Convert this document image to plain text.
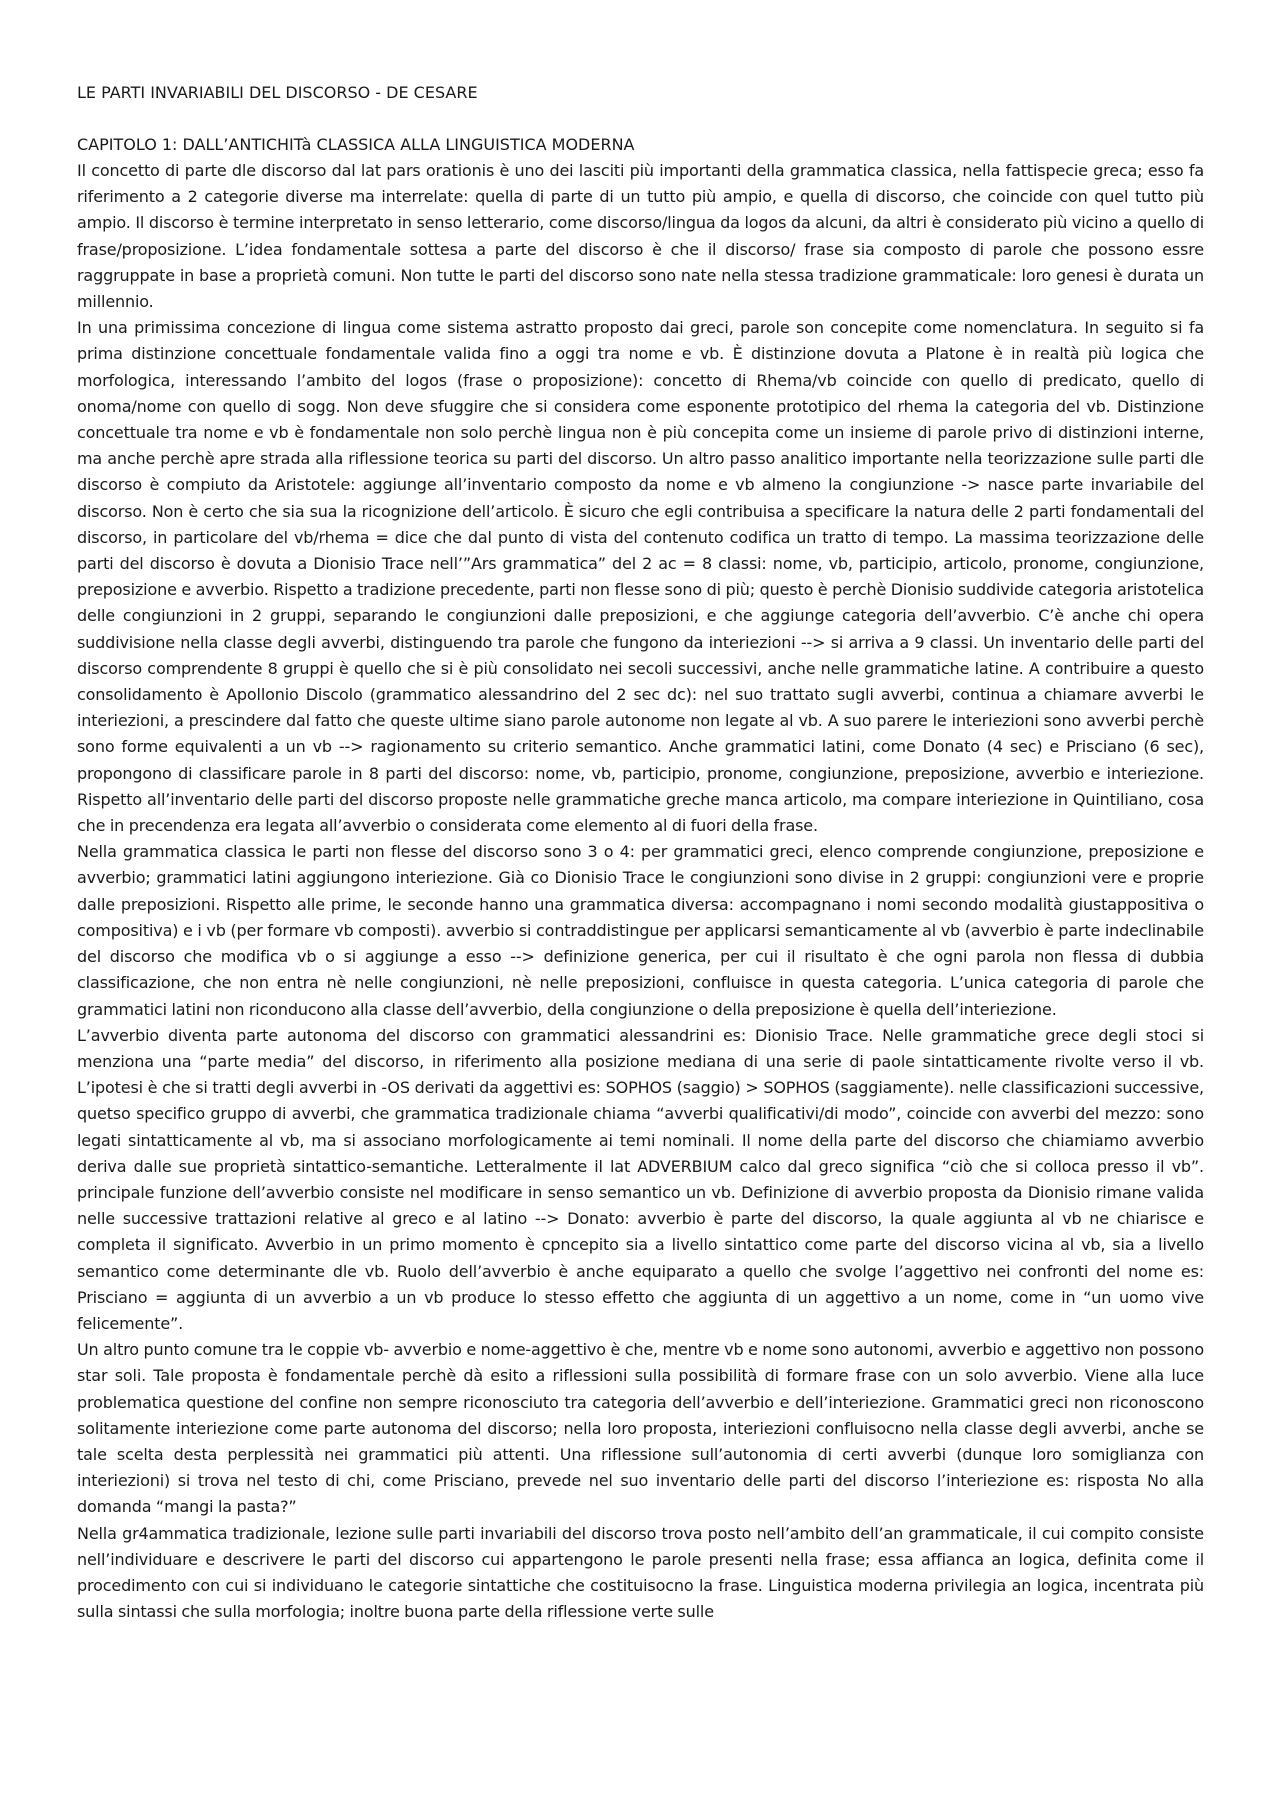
LE PARTI INVARIABILI DEL DISCORSO - DE CESARE
CAPITOLO 1: DALL’ANTICHITà CLASSICA ALLA LINGUISTICA MODERNA

Il concetto di parte dle discorso dal lat pars orationis è uno dei lasciti più importanti della grammatica classica, nella fattispecie greca; esso fa riferimento a 2 categorie diverse ma interrelate: quella di parte di un tutto più ampio, e quella di discorso, che coincide con quel tutto più ampio. Il discorso è termine interpretato in senso letterario, come discorso/lingua da logos da alcuni, da altri è considerato più vicino a quello di frase/proposizione. L’idea fondamentale sottesa a parte del discorso è che il discorso/ frase sia composto di parole che possono essre raggruppate in base a proprietà comuni. Non tutte le parti del discorso sono nate nella stessa tradizione grammaticale: loro genesi è durata un millennio.

In una primissima concezione di lingua come sistema astratto proposto dai greci, parole son concepite come nomenclatura. In seguito si fa prima distinzione concettuale fondamentale valida fino a oggi tra nome e vb. È distinzione dovuta a Platone è in realtà più logica che morfologica, interessando l’ambito del logos (frase o proposizione): concetto di Rhema/vb coincide con quello di predicato, quello di onoma/nome con quello di sogg. Non deve sfuggire che si considera come esponente prototipico del rhema la categoria del vb. Distinzione concettuale tra nome e vb è fondamentale non solo perchè lingua non è più concepita come un insieme di parole privo di distinzioni interne, ma anche perchè apre strada alla riflessione teorica su parti del discorso. Un altro passo analitico importante nella teorizzazione sulle parti dle discorso è compiuto da Aristotele: aggiunge all’inventario composto da nome e vb almeno la congiunzione -> nasce parte invariabile del discorso. Non è certo che sia sua la ricognizione dell’articolo. È sicuro che egli contribuisa a specificare la natura delle 2 parti fondamentali del discorso, in particolare del vb/rhema = dice che dal punto di vista del contenuto codifica un tratto di tempo. La massima teorizzazione delle parti del discorso è dovuta a Dionisio Trace nell’”Ars grammatica” del 2 ac = 8 classi: nome, vb, participio, articolo, pronome, congiunzione, preposizione e avverbio. Rispetto a tradizione precedente, parti non flesse sono di più; questo è perchè Dionisio suddivide categoria aristotelica delle congiunzioni in 2 gruppi, separando le congiunzioni dalle preposizioni, e che aggiunge categoria dell’avverbio. C’è anche chi opera suddivisione nella classe degli avverbi, distinguendo tra parole che fungono da interiezioni --> si arriva a 9 classi. Un inventario delle parti del discorso comprendente 8 gruppi è quello che si è più consolidato nei secoli successivi, anche nelle grammatiche latine. A contribuire a questo consolidamento è Apollonio Discolo (grammatico alessandrino del 2 sec dc): nel suo trattato sugli avverbi, continua a chiamare avverbi le interiezioni, a prescindere dal fatto che queste ultime siano parole autonome non legate al vb. A suo parere le interiezioni sono avverbi perchè sono forme equivalenti a un vb --> ragionamento su criterio semantico. Anche grammatici latini, come Donato (4 sec) e Prisciano (6 sec), propongono di classificare parole in 8 parti del discorso: nome, vb, participio, pronome, congiunzione, preposizione, avverbio e interiezione. Rispetto all’inventario delle parti del discorso proposte nelle grammatiche greche manca articolo, ma compare interiezione in Quintiliano, cosa che in precendenza era legata all’avverbio o considerata come elemento al di fuori della frase.

Nella grammatica classica le parti non flesse del discorso sono 3 o 4: per grammatici greci, elenco comprende congiunzione, preposizione e avverbio; grammatici latini aggiungono interiezione. Già co Dionisio Trace le congiunzioni sono divise in 2 gruppi: congiunzioni vere e proprie dalle preposizioni. Rispetto alle prime, le seconde hanno una grammatica diversa: accompagnano i nomi secondo modalità giustappositiva o compositiva) e i vb (per formare vb composti). avverbio si contraddistingue per applicarsi semanticamente al vb (avverbio è parte indeclinabile del discorso che modifica vb o si aggiunge a esso --> definizione generica, per cui il risultato è che ogni parola non flessa di dubbia classificazione, che non entra nè nelle congiunzioni, nè nelle preposizioni, confluisce in questa categoria. L’unica categoria di parole che grammatici latini non riconducono alla classe dell’avverbio, della congiunzione o della preposizione è quella dell’interiezione.

L’avverbio diventa parte autonoma del discorso con grammatici alessandrini es: Dionisio Trace. Nelle grammatiche grece degli stoci si menziona una “parte media” del discorso, in riferimento alla posizione mediana di una serie di paole sintatticamente rivolte verso il vb. L’ipotesi è che si tratti degli avverbi in -OS derivati da aggettivi es: SOPHOS (saggio) > SOPHOS (saggiamente). nelle classificazioni successive, quetso specifico gruppo di avverbi, che grammatica tradizionale chiama “avverbi qualificativi/di modo”, coincide con avverbi del mezzo: sono legati sintatticamente al vb, ma si associano morfologicamente ai temi nominali. Il nome della parte del discorso che chiamiamo avverbio deriva dalle sue proprietà sintattico-semantiche. Letteralmente il lat ADVERBIUM calco dal greco significa “ciò che si colloca presso il vb”. principale funzione dell’avverbio consiste nel modificare in senso semantico un vb. Definizione di avverbio proposta da Dionisio rimane valida nelle successive trattazioni relative al greco e al latino --> Donato: avverbio è parte del discorso, la quale aggiunta al vb ne chiarisce e completa il significato. Avverbio in un primo momento è cpncepito sia a livello sintattico come parte del discorso vicina al vb, sia a livello semantico come determinante dle vb. Ruolo dell’avverbio è anche equiparato a quello che svolge l’aggettivo nei confronti del nome es: Prisciano = aggiunta di un avverbio a un vb produce lo stesso effetto che aggiunta di un aggettivo a un nome, come in “un uomo vive felicemente”.

Un altro punto comune tra le coppie vb- avverbio e nome-aggettivo è che, mentre vb e nome sono autonomi, avverbio e aggettivo non possono star soli. Tale proposta è fondamentale perchè dà esito a riflessioni sulla possibilità di formare frase con un solo avverbio. Viene alla luce problematica questione del confine non sempre riconosciuto tra categoria dell’avverbio e dell’interiezione. Grammatici greci non riconoscono solitamente interiezione come parte autonoma del discorso; nella loro proposta, interiezioni confluisocno nella classe degli avverbi, anche se tale scelta desta perplessità nei grammatici più attenti. Una riflessione sull’autonomia di certi avverbi (dunque loro somiglianza con interiezioni) si trova nel testo di chi, come Prisciano, prevede nel suo inventario delle parti del discorso l’interiezione es: risposta No alla domanda “mangi la pasta?”

Nella gr4ammatica tradizionale, lezione sulle parti invariabili del discorso trova posto nell’ambito dell’an grammaticale, il cui compito consiste nell’individuare e descrivere le parti del discorso cui appartengono le parole presenti nella frase; essa affianca an logica, definita come il procedimento con cui si individuano le categorie sintattiche che costituisocno la frase. Linguistica moderna privilegia an logica, incentrata più sulla sintassi che sulla morfologia; inoltre buona parte della riflessione verte sulle
